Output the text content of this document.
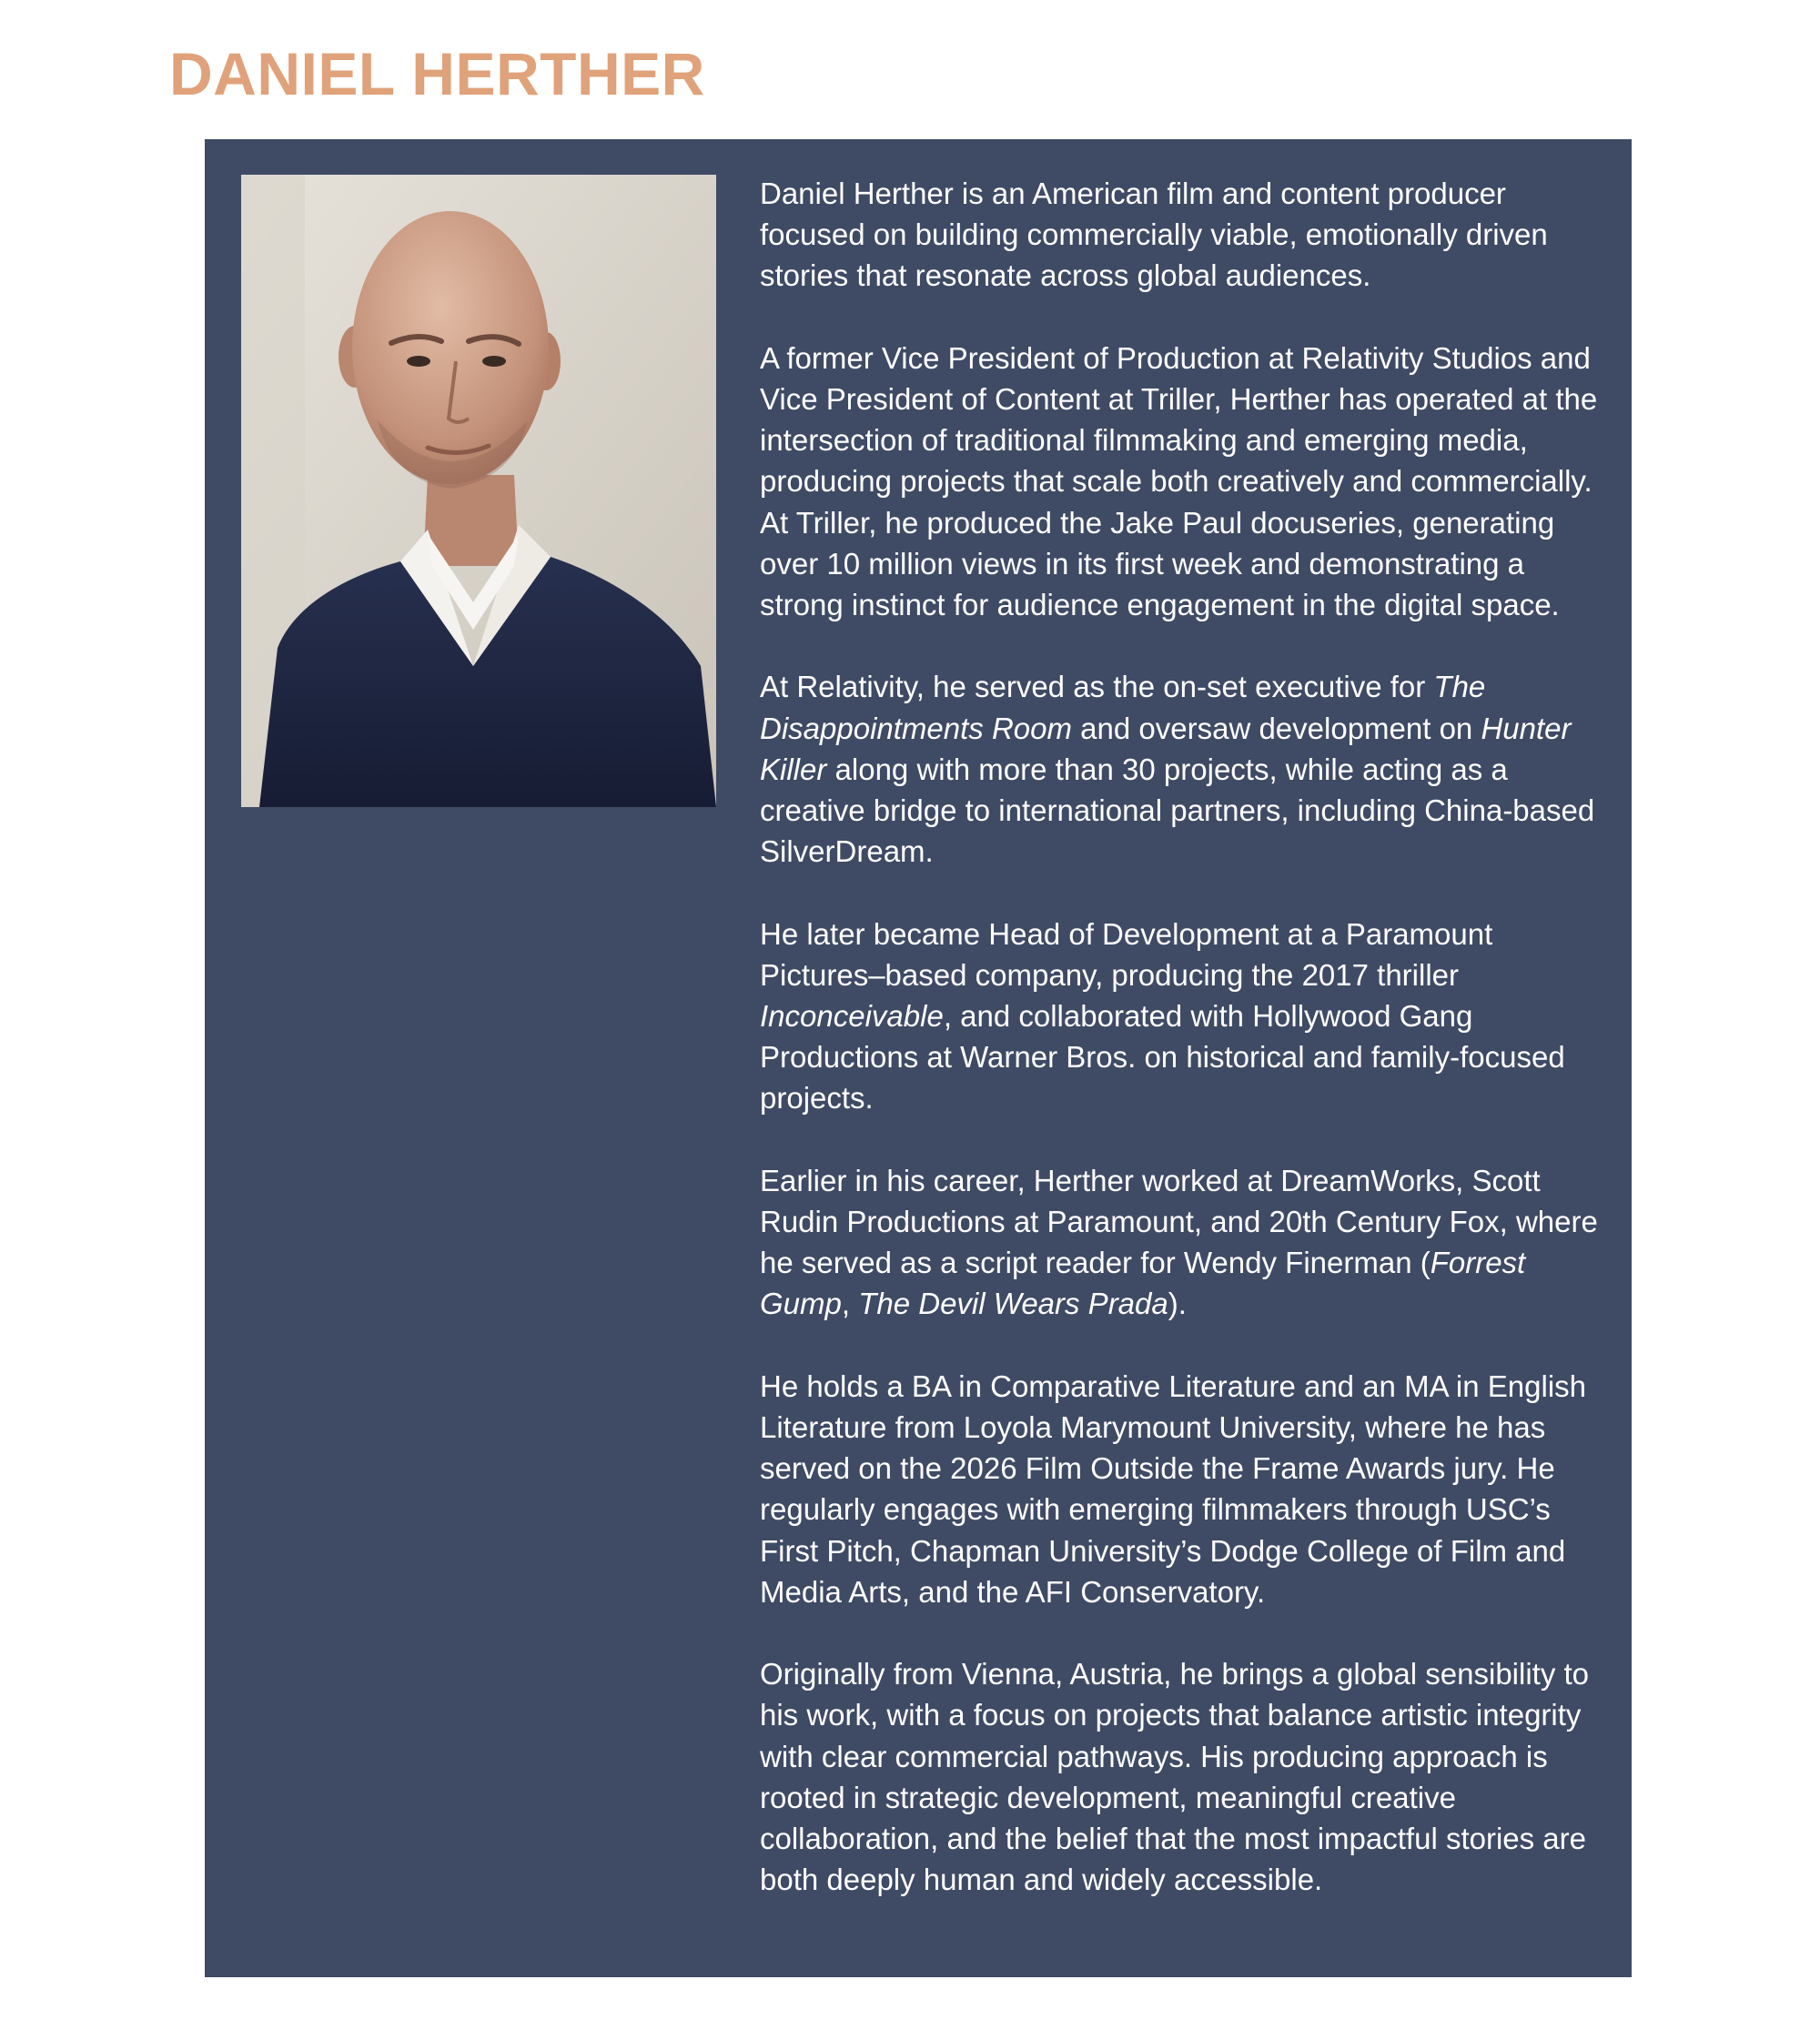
DANIEL HERTHER

Daniel Herther is an American film and content producer focused on building commercially viable, emotionally driven stories that resonate across global audiences.

A former Vice President of Production at Relativity Studios and Vice President of Content at Triller, Herther has operated at the intersection of traditional filmmaking and emerging media, producing projects that scale both creatively and commercially. At Triller, he produced the Jake Paul docuseries, generating over 10 million views in its first week and demonstrating a strong instinct for audience engagement in the digital space.

At Relativity, he served as the on-set executive for The Disappointments Room and oversaw development on Hunter Killer along with more than 30 projects, while acting as a creative bridge to international partners, including China-based SilverDream.

He later became Head of Development at a Paramount Pictures–based company, producing the 2017 thriller Inconceivable, and collaborated with Hollywood Gang Productions at Warner Bros. on historical and family-focused projects.

Earlier in his career, Herther worked at DreamWorks, Scott Rudin Productions at Paramount, and 20th Century Fox, where he served as a script reader for Wendy Finerman (Forrest Gump, The Devil Wears Prada).

He holds a BA in Comparative Literature and an MA in English Literature from Loyola Marymount University, where he has served on the 2026 Film Outside the Frame Awards jury. He regularly engages with emerging filmmakers through USC’s First Pitch, Chapman University’s Dodge College of Film and Media Arts, and the AFI Conservatory.

Originally from Vienna, Austria, he brings a global sensibility to his work, with a focus on projects that balance artistic integrity with clear commercial pathways. His producing approach is rooted in strategic development, meaningful creative collaboration, and the belief that the most impactful stories are both deeply human and widely accessible.
